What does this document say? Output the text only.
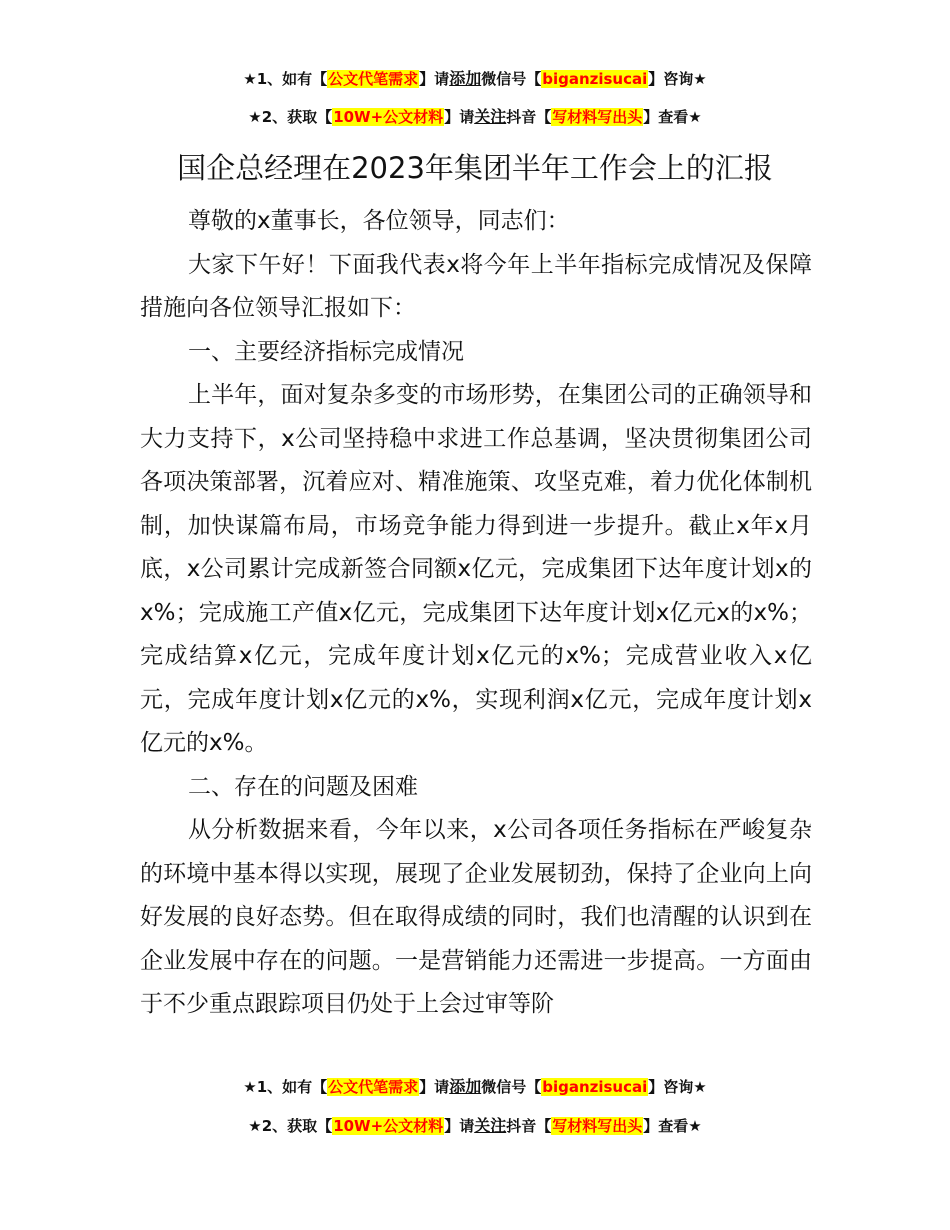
★1、如有【公文代笔需求】请添加微信号【biganzisucai】咨询★
★2、获取【10W+公文材料】请关注抖音【写材料写出头】查看★
国企总经理在2023年集团半年工作会上的汇报

尊敬的x董事长，各位领导，同志们：

大家下午好！下面我代表x将今年上半年指标完成情况及保障措施向各位领导汇报如下：

一、主要经济指标完成情况

上半年，面对复杂多变的市场形势，在集团公司的正确领导和大力支持下，x公司坚持稳中求进工作总基调，坚决贯彻集团公司各项决策部署，沉着应对、精准施策、攻坚克难，着力优化体制机制，加快谋篇布局，市场竞争能力得到进一步提升。截止x年x月底，x公司累计完成新签合同额x亿元，完成集团下达年度计划x的x%；完成施工产值x亿元，完成集团下达年度计划x亿元x的x%；完成结算x亿元，完成年度计划x亿元的x%；完成营业收入x亿元，完成年度计划x亿元的x%，实现利润x亿元，完成年度计划x亿元的x%。

二、存在的问题及困难

从分析数据来看，今年以来，x公司各项任务指标在严峻复杂的环境中基本得以实现，展现了企业发展韧劲，保持了企业向上向好发展的良好态势。但在取得成绩的同时，我们也清醒的认识到在企业发展中存在的问题。一是营销能力还需进一步提高。一方面由于不少重点跟踪项目仍处于上会过审等阶

★1、如有【公文代笔需求】请添加微信号【biganzisucai】咨询★
★2、获取【10W+公文材料】请关注抖音【写材料写出头】查看★
